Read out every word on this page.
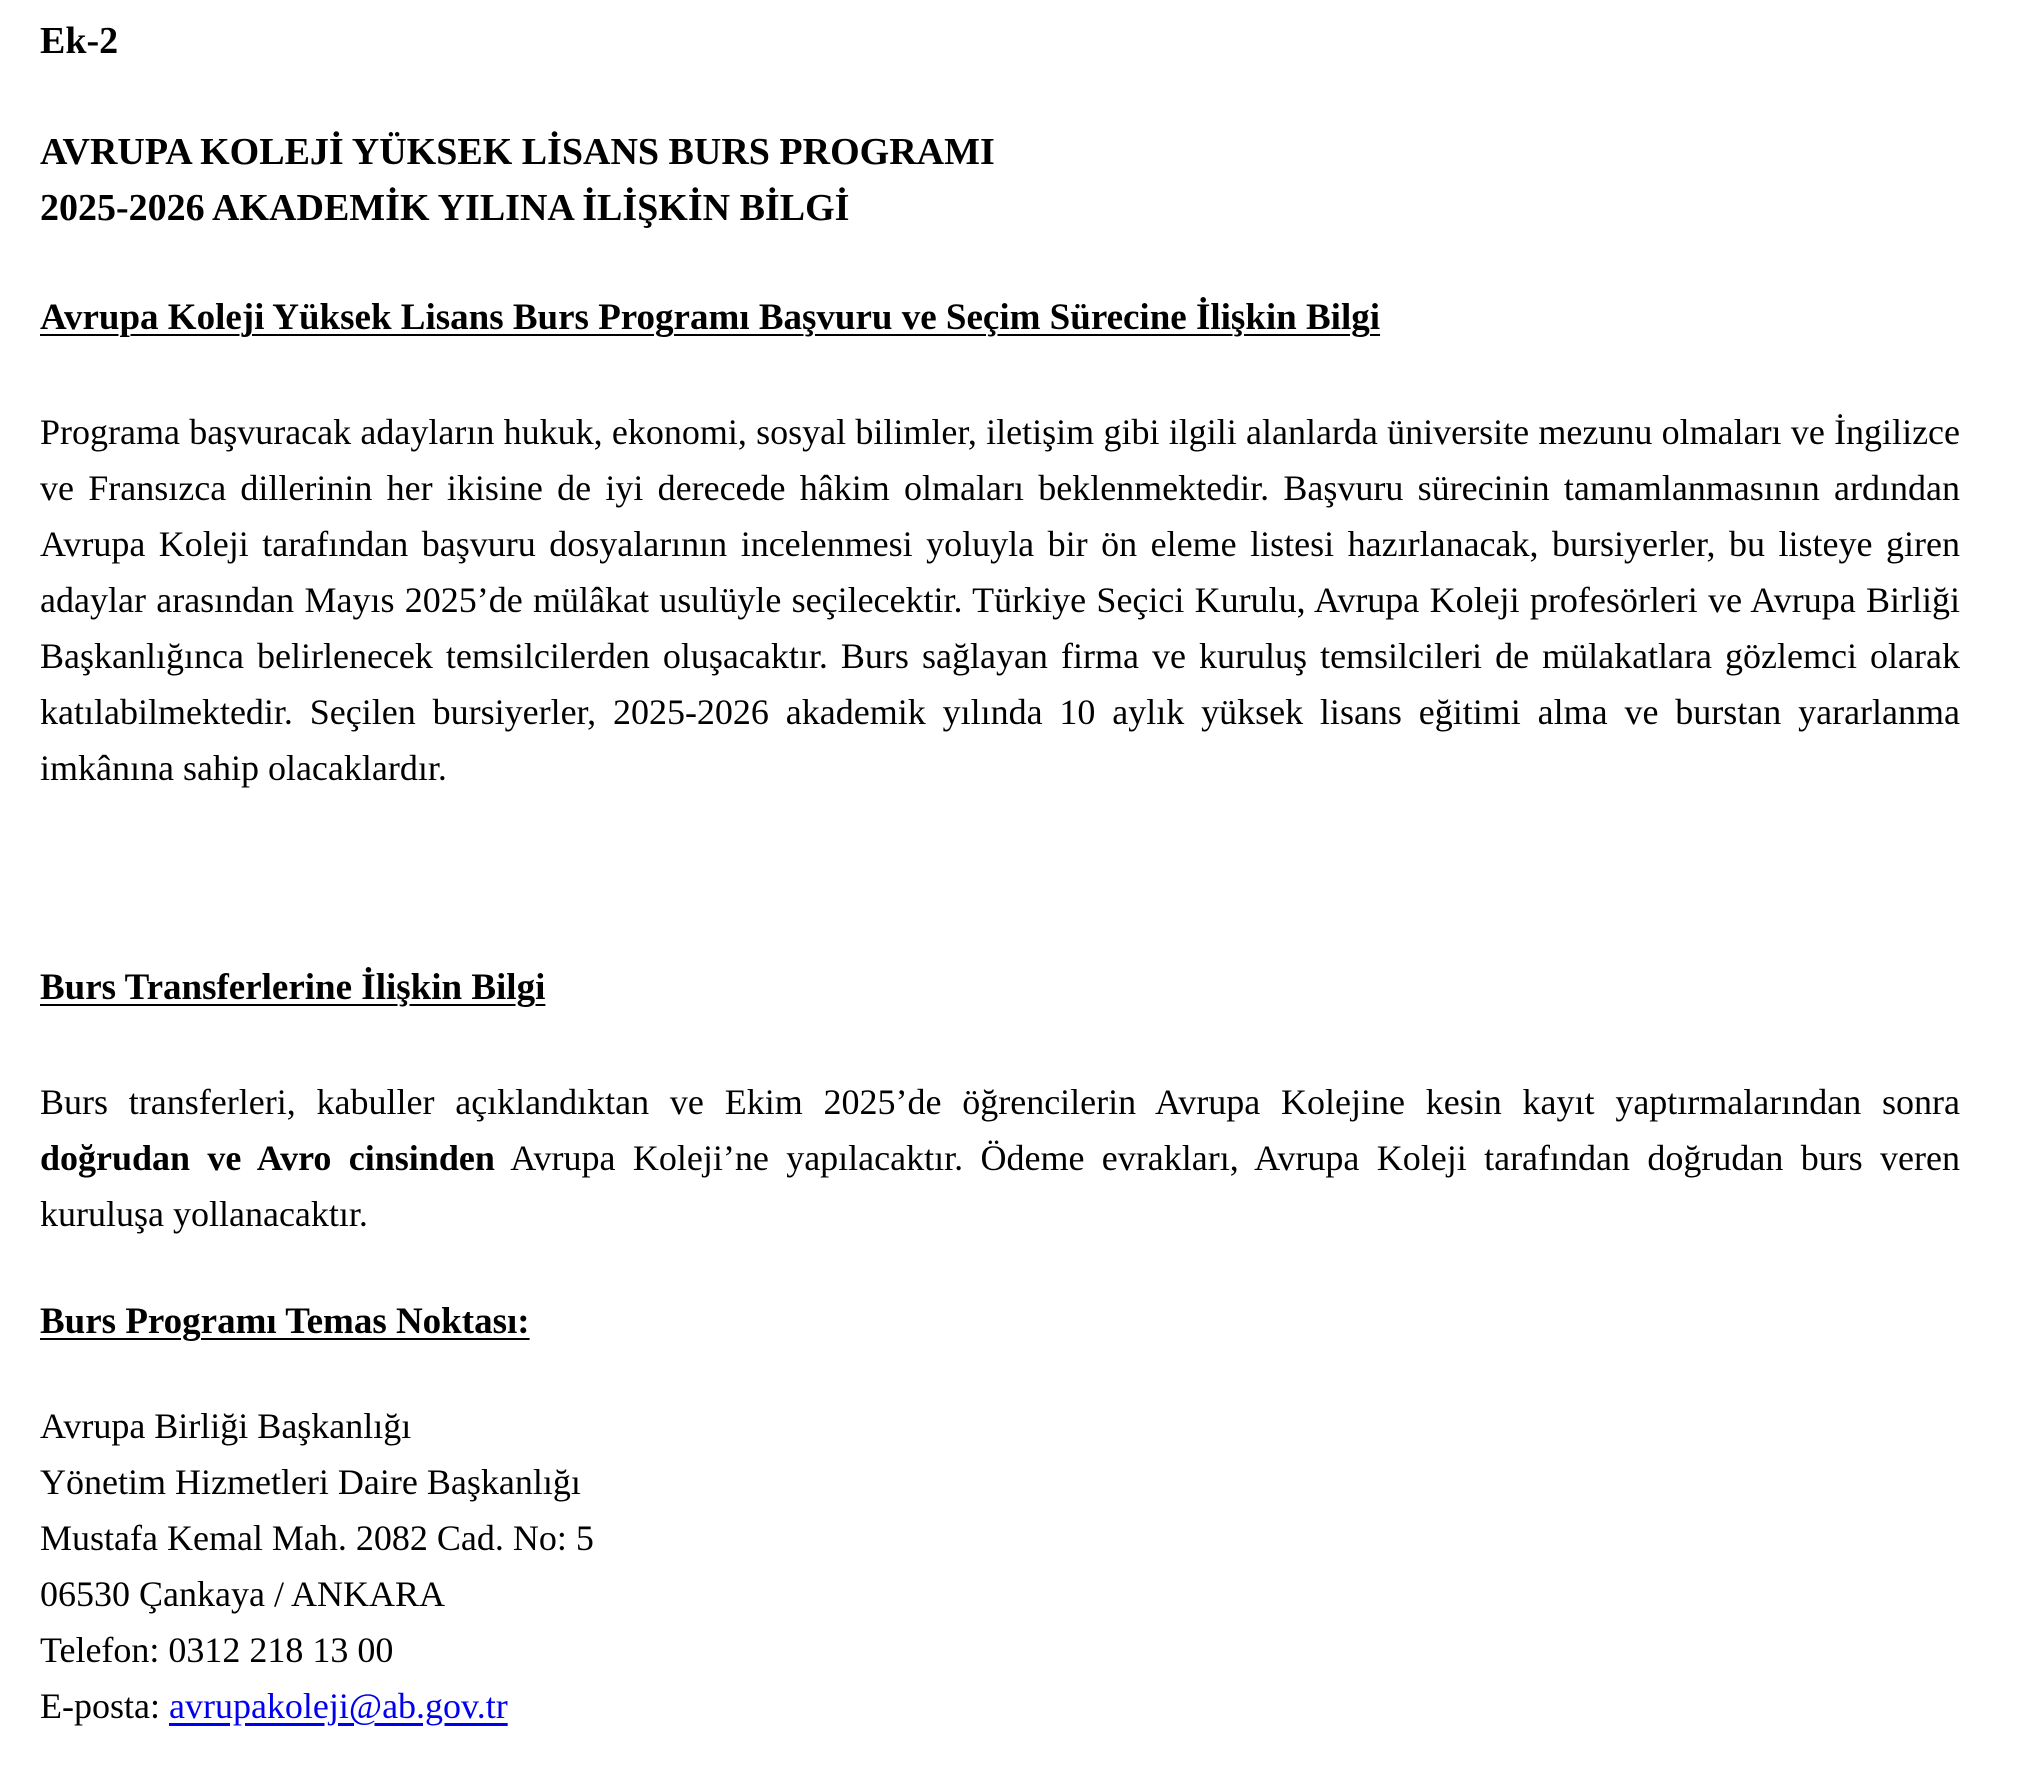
Ek-2
AVRUPA KOLEJİ YÜKSEK LİSANS BURS PROGRAMI
2025-2026 AKADEMİK YILINA İLİŞKİN BİLGİ
Avrupa Koleji Yüksek Lisans Burs Programı Başvuru ve Seçim Sürecine İlişkin Bilgi

Programa başvuracak adayların hukuk, ekonomi, sosyal bilimler, iletişim gibi ilgili alanlarda üniversite mezunu olmaları ve İngilizce ve Fransızca dillerinin her ikisine de iyi derecede hâkim olmaları beklenmektedir. Başvuru sürecinin tamamlanmasının ardından Avrupa Koleji tarafından başvuru dosyalarının incelenmesi yoluyla bir ön eleme listesi hazırlanacak, bursiyerler, bu listeye giren adaylar arasından Mayıs 2025’de mülâkat usulüyle seçilecektir. Türkiye Seçici Kurulu, Avrupa Koleji profesörleri ve Avrupa Birliği Başkanlığınca belirlenecek temsilcilerden oluşacaktır. Burs sağlayan firma ve kuruluş temsilcileri de mülakatlara gözlemci olarak katılabilmektedir. Seçilen bursiyerler, 2025-2026 akademik yılında 10 aylık yüksek lisans eğitimi alma ve burstan yararlanma imkânına sahip olacaklardır.

Burs Transferlerine İlişkin Bilgi

Burs transferleri, kabuller açıklandıktan ve Ekim 2025’de öğrencilerin Avrupa Kolejine kesin kayıt yaptırmalarından sonra doğrudan ve Avro cinsinden Avrupa Koleji’ne yapılacaktır. Ödeme evrakları, Avrupa Koleji tarafından doğrudan burs veren kuruluşa yollanacaktır.

Burs Programı Temas Noktası:
Avrupa Birliği Başkanlığı
Yönetim Hizmetleri Daire Başkanlığı
Mustafa Kemal Mah. 2082 Cad. No: 5
06530 Çankaya / ANKARA
Telefon: 0312 218 13 00
E-posta: avrupakoleji@ab.gov.tr
